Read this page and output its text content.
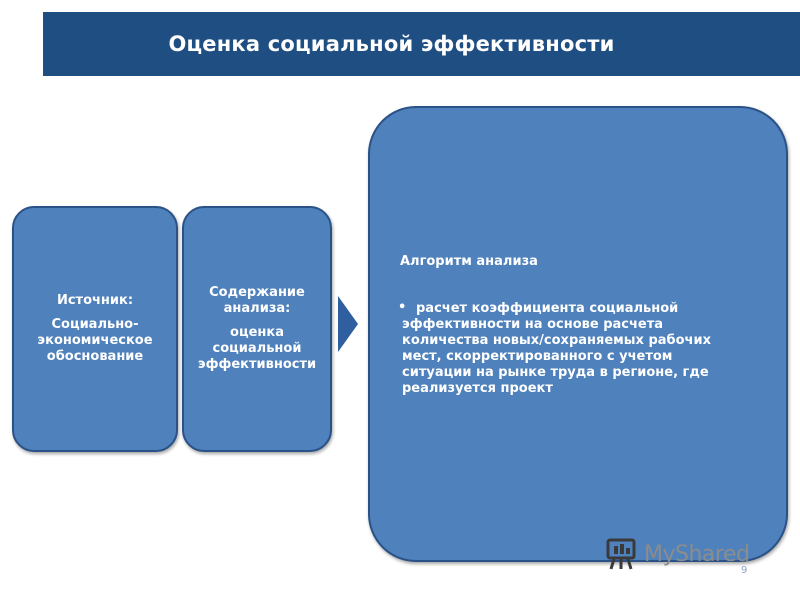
Оценка социальной эффективности
Источник:
Социально-экономическое обоснование
Содержание анализа:
оценка социальной эффективности
Алгоритм анализа
• расчет коэффициента социальной эффективности на основе расчета количества новых/сохраняемых рабочих мест, скорректированного с учетом ситуации на рынке труда в регионе, где реализуется проект
MyShared
9
